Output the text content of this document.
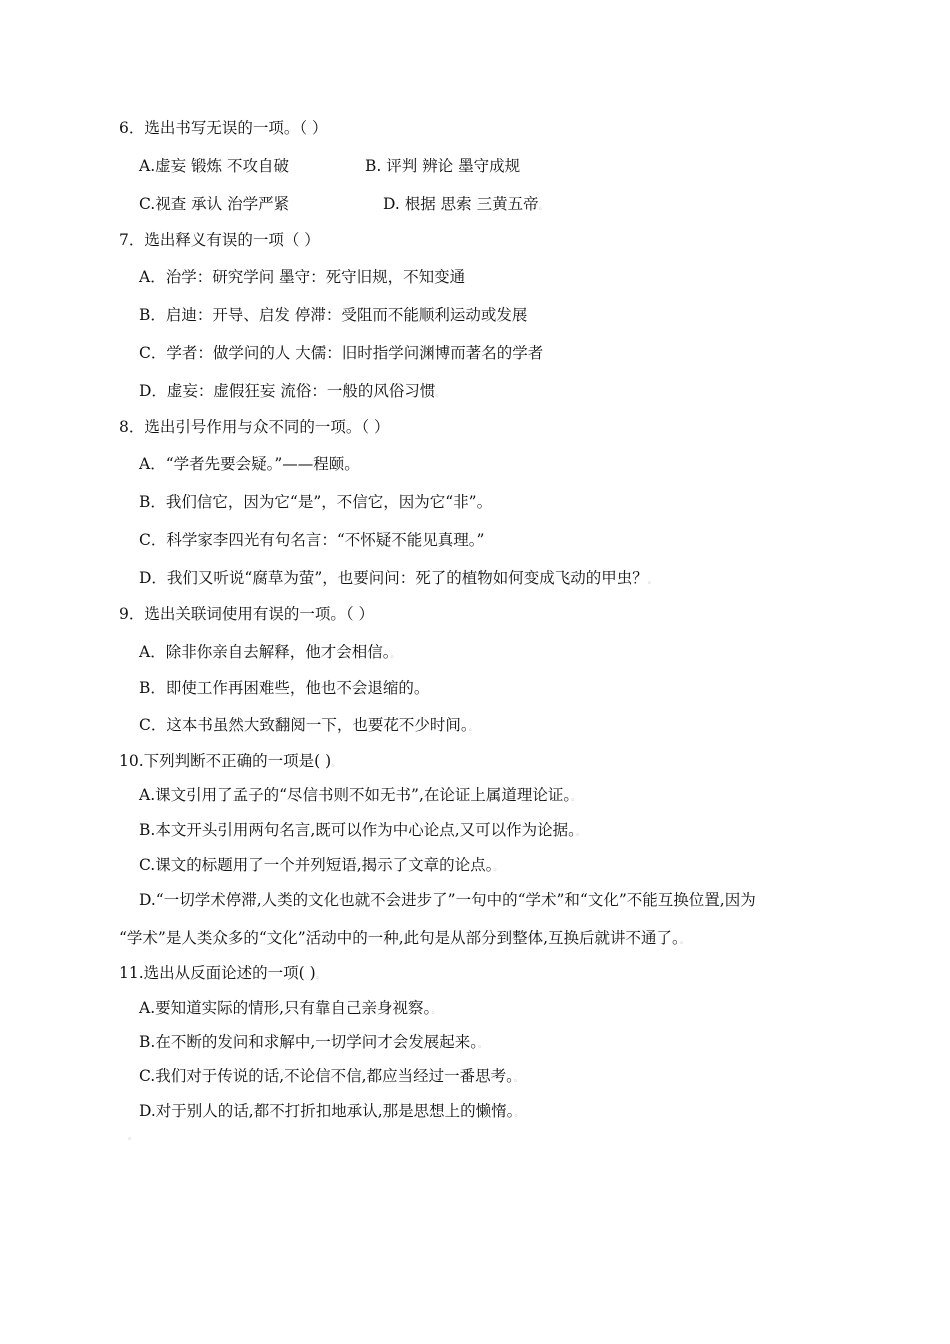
6．选出书写无误的一项。（ ）
A.虚妄 锻炼 不攻自破	B. 评判 辨论 墨守成规
C.视查 承认 治学严紧	D. 根据 思索 三黄五帝。
7．选出释义有误的一项（ ）
A．治学：研究学问 墨守：死守旧规，不知变通
B．启迪：开导、启发 停滞：受阻而不能顺利运动或发展
C．学者：做学问的人 大儒：旧时指学问渊博而著名的学者
D．虚妄：虚假狂妄 流俗：一般的风俗习惯。
8．选出引号作用与众不同的一项。（ ）
A．“学者先要会疑。”——程颐。
B．我们信它，因为它“是”，不信它，因为它“非”。
C．科学家李四光有句名言：“不怀疑不能见真理。”
D．我们又听说“腐草为萤”，也要问问：死了的植物如何变成飞动的甲虫？。
9．选出关联词使用有误的一项。（ ）
A．除非你亲自去解释，他才会相信。。
B．即使工作再困难些，他也不会退缩的。
C．这本书虽然大致翻阅一下，也要花不少时间。。
10.下列判断不正确的一项是( )。
A.课文引用了孟子的“尽信书则不如无书”,在论证上属道理论证。。
B.本文开头引用两句名言,既可以作为中心论点,又可以作为论据。。
C.课文的标题用了一个并列短语,揭示了文章的论点。。
D.“一切学术停滞,人类的文化也就不会进步了”一句中的“学术”和“文化”不能互换位置,因为
“学术”是人类众多的“文化”活动中的一种,此句是从部分到整体,互换后就讲不通了。。
11.选出从反面论述的一项( )。
A.要知道实际的情形,只有靠自己亲身视察。。
B.在不断的发问和求解中,一切学问才会发展起来。。
C.我们对于传说的话,不论信不信,都应当经过一番思考。。
D.对于别人的话,都不打折扣地承认,那是思想上的懒惰。。
。
